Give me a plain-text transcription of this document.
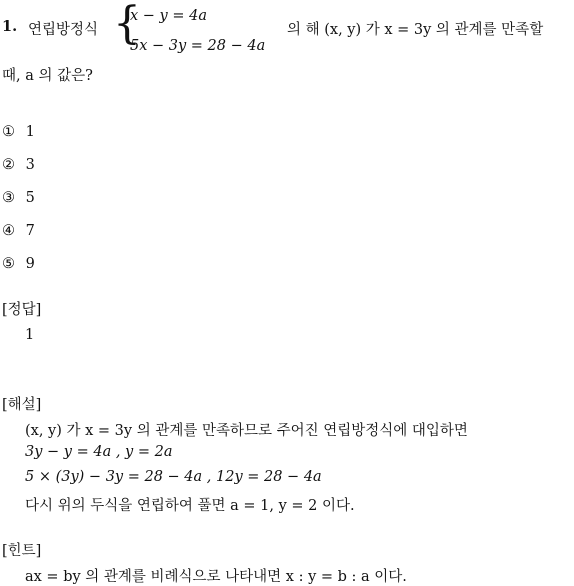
1. 연립방정식 {
x − y = 4a
5x − 3y = 28 − 4a
의 해 (x, y) 가 x = 3y 의 관계를 만족할
때, a 의 값은?
① 1
② 3
③ 5
④ 7
⑤ 9
[정답]
1
[해설]
(x, y) 가 x = 3y 의 관계를 만족하므로 주어진 연립방정식에 대입하면
3y − y = 4a , y = 2a
5 × (3y) − 3y = 28 − 4a , 12y = 28 − 4a
다시 위의 두식을 연립하여 풀면 a = 1, y = 2 이다.
[힌트]
ax = by 의 관계를 비례식으로 나타내면 x : y = b : a 이다.
